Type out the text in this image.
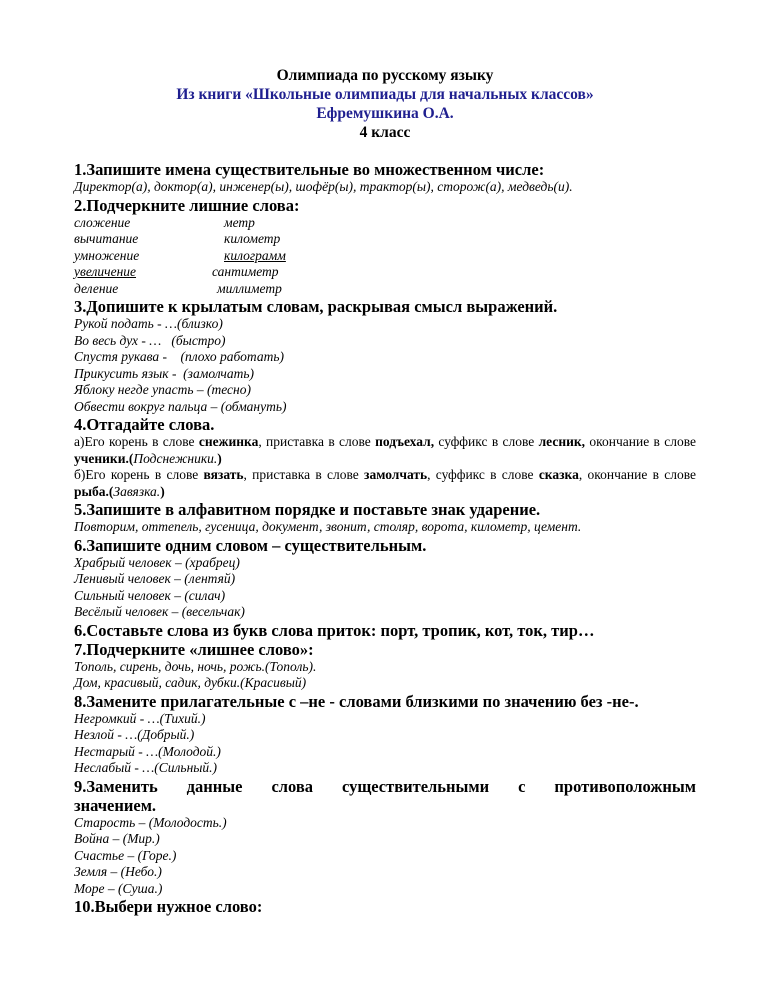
Олимпиада по русскому языку
Из книги «Школьные олимпиады для начальных классов»
Ефремушкина О.А.
4 класс
1.Запишите имена существительные во множественном числе:
Директор(а), доктор(а), инженер(ы), шофёр(ы), трактор(ы), сторож(а), медведь(и).
2.Подчеркните лишние слова:
сложение	метр
вычитание	километр
умножение	килограмм
увеличение	сантиметр
деление	миллиметр
3.Допишите к крылатым словам, раскрывая смысл выражений.
Рукой подать - …(близко)
Во весь дух - …   (быстро)
Спустя рукава -    (плохо работать)
Прикусить язык -  (замолчать)
Яблоку негде упасть – (тесно)
Обвести вокруг пальца – (обмануть)
4.Отгадайте слова.
а)Его корень в слове снежинка, приставка в слове подъехал, суффикс в слове лесник, окончание в слове ученики.(Подснежники.)
б)Его корень в слове вязать, приставка в слове замолчать, суффикс в слове сказка, окончание в слове рыба.(Завязка.)
5.Запишите в алфавитном порядке и поставьте знак ударение.
Повторим, оттепель, гусеница, документ, звонит, столяр, ворота, километр, цемент.
6.Запишите одним словом – существительным.
Храбрый человек – (храбрец)
Ленивый человек – (лентяй)
Сильный человек – (силач)
Весёлый человек – (весельчак)
6.Составьте слова из букв слова приток: порт, тропик, кот, ток, тир…
7.Подчеркните «лишнее слово»:
Тополь, сирень, дочь, ночь, рожь.(Тополь).
Дом, красивый, садик, дубки.(Красивый)
8.Замените прилагательные с –не - словами близкими по значению без -не-.
Негромкий - …(Тихий.)
Незлой - …(Добрый.)
Нестарый - …(Молодой.)
Неслабый - …(Сильный.)
9.Заменить данные слова существительными с противоположным
значением.
Старость – (Молодость.)
Война – (Мир.)
Счастье – (Горе.)
Земля – (Небо.)
Море – (Суша.)
10.Выбери нужное слово:
